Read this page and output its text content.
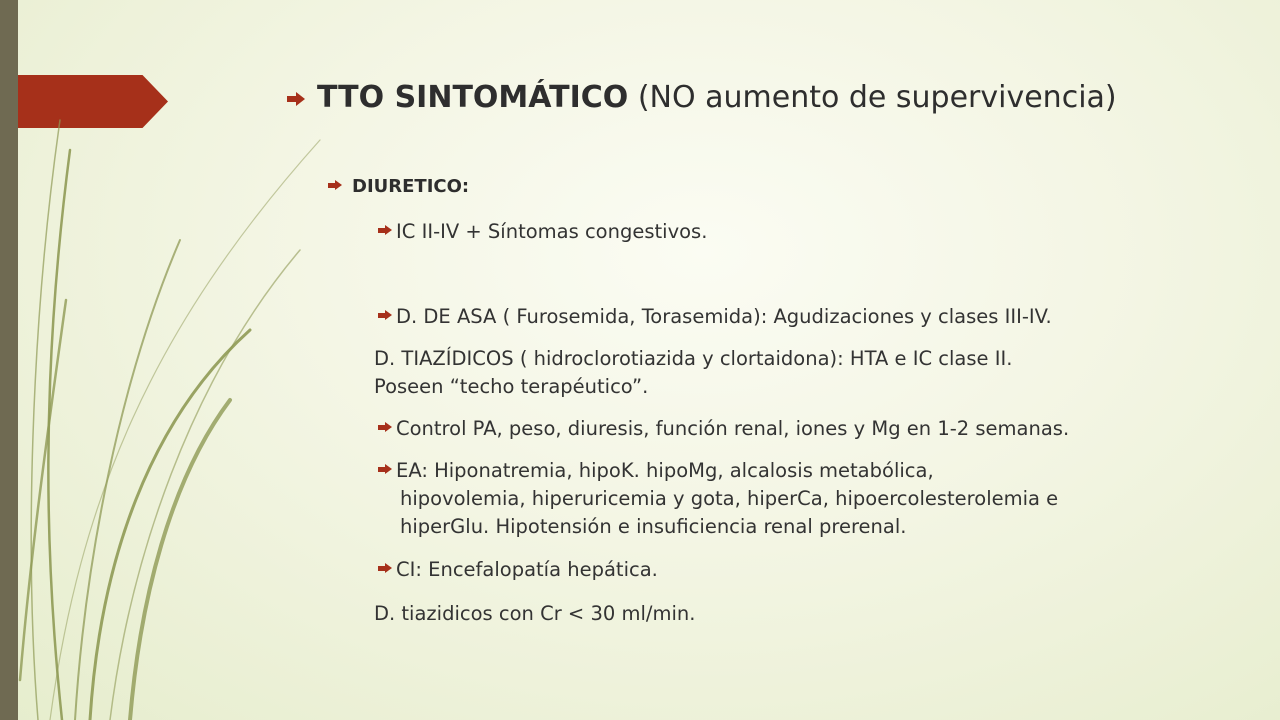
TTO SINTOMÁTICO (NO aumento de supervivencia)
DIURETICO:
IC II-IV + Síntomas congestivos.
D. DE ASA ( Furosemida, Torasemida): Agudizaciones y clases III-IV.
D. TIAZÍDICOS ( hidroclorotiazida y clortaidona): HTA e IC clase II.
Poseen “techo terapéutico”.
Control PA, peso, diuresis, función renal, iones y Mg en 1-2 semanas.
EA: Hiponatremia, hipoK. hipoMg, alcalosis metabólica,
hipovolemia, hiperuricemia y gota, hiperCa, hipoercolesterolemia e
hiperGlu. Hipotensión e insuficiencia renal prerenal.
CI: Encefalopatía hepática.
D. tiazidicos con Cr < 30 ml/min.
